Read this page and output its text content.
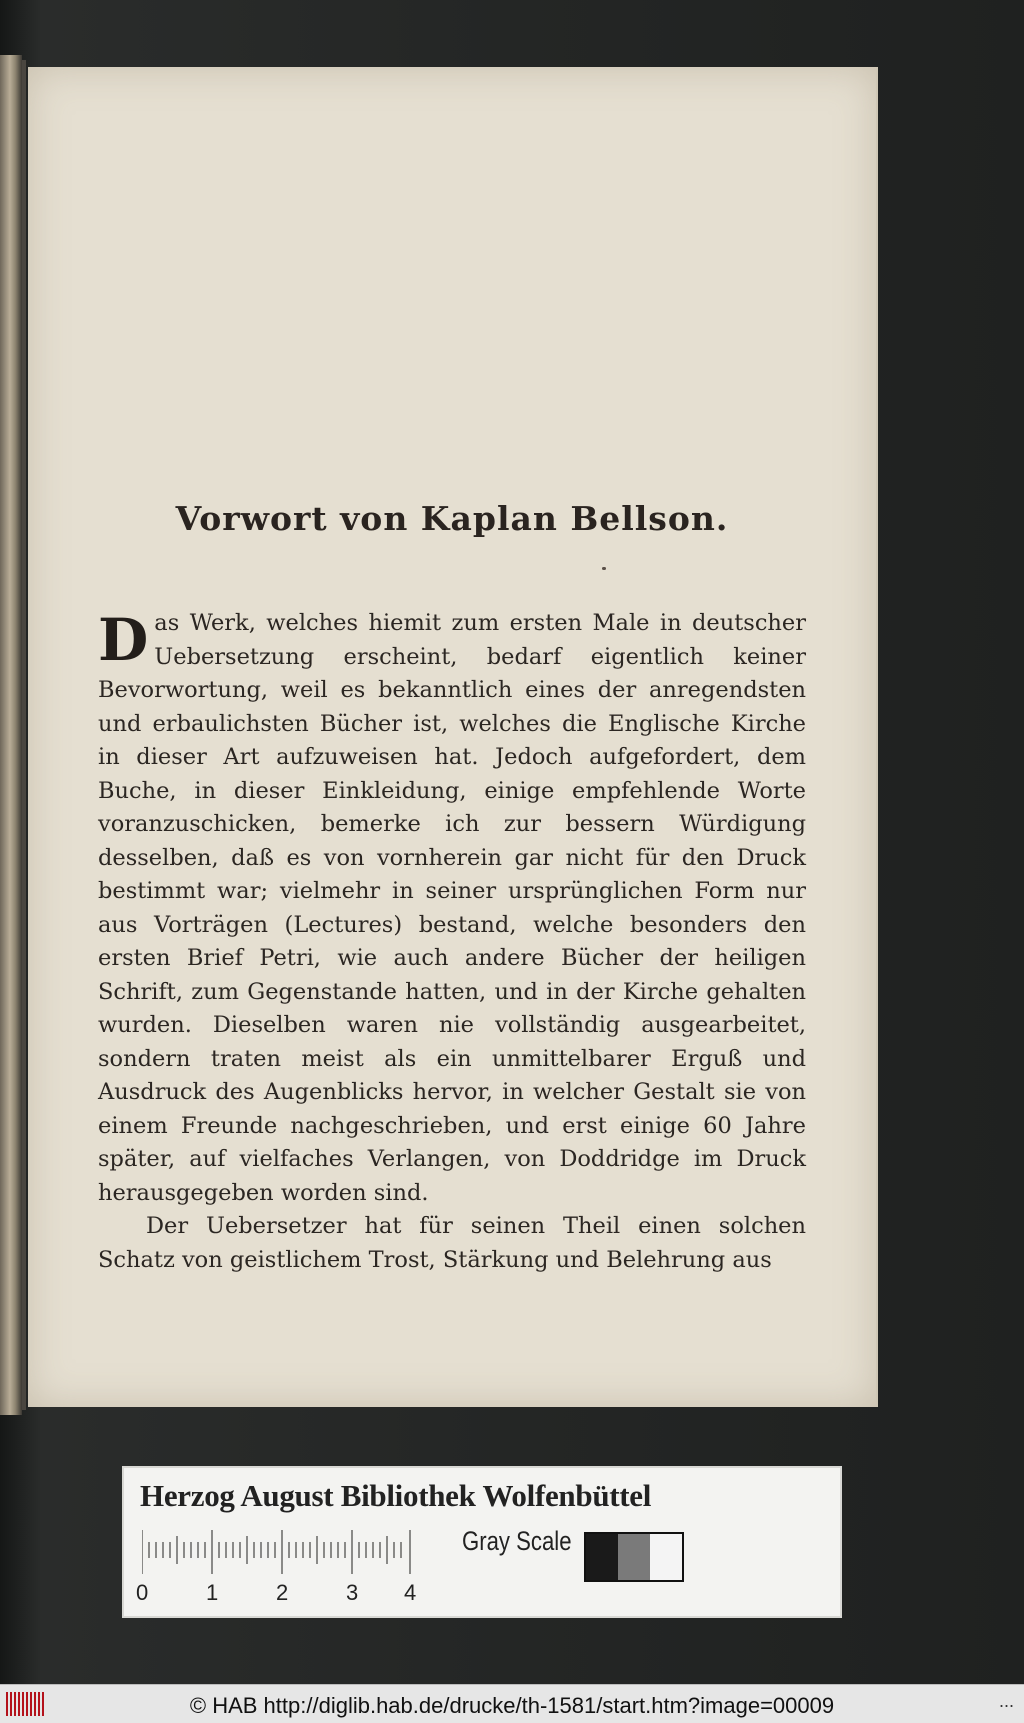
Vorwort von Kaplan Bellson.

Das Werk, welches hiemit zum ersten Male in deutscher Uebersetzung erscheint, bedarf eigentlich keiner Bevorwortung, weil es bekanntlich eines der anregendsten und erbaulichsten Bücher ist, welches die Englische Kirche in dieser Art aufzuweisen hat. Jedoch aufgefordert, dem Buche, in dieser Einkleidung, einige empfehlende Worte voranzuschicken, bemerke ich zur bessern Würdigung desselben, daß es von vornherein gar nicht für den Druck bestimmt war; vielmehr in seiner ursprünglichen Form nur aus Vorträgen (Lectures) bestand, welche besonders den ersten Brief Petri, wie auch andere Bücher der heiligen Schrift, zum Gegenstande hatten, und in der Kirche gehalten wurden. Dieselben waren nie vollständig ausgearbeitet, sondern traten meist als ein unmittelbarer Erguß und Ausdruck des Augenblicks hervor, in welcher Gestalt sie von einem Freunde nachgeschrieben, und erst einige 60 Jahre später, auf vielfaches Verlangen, von Doddridge im Druck herausgegeben worden sind.

Der Uebersetzer hat für seinen Theil einen solchen Schatz von geistlichem Trost, Stärkung und Belehrung aus

Herzog August Bibliothek Wolfenbüttel
0	1	2	3 4
Gray Scale
© HAB http://diglib.hab.de/drucke/th-1581/start.htm?image=00009	...
